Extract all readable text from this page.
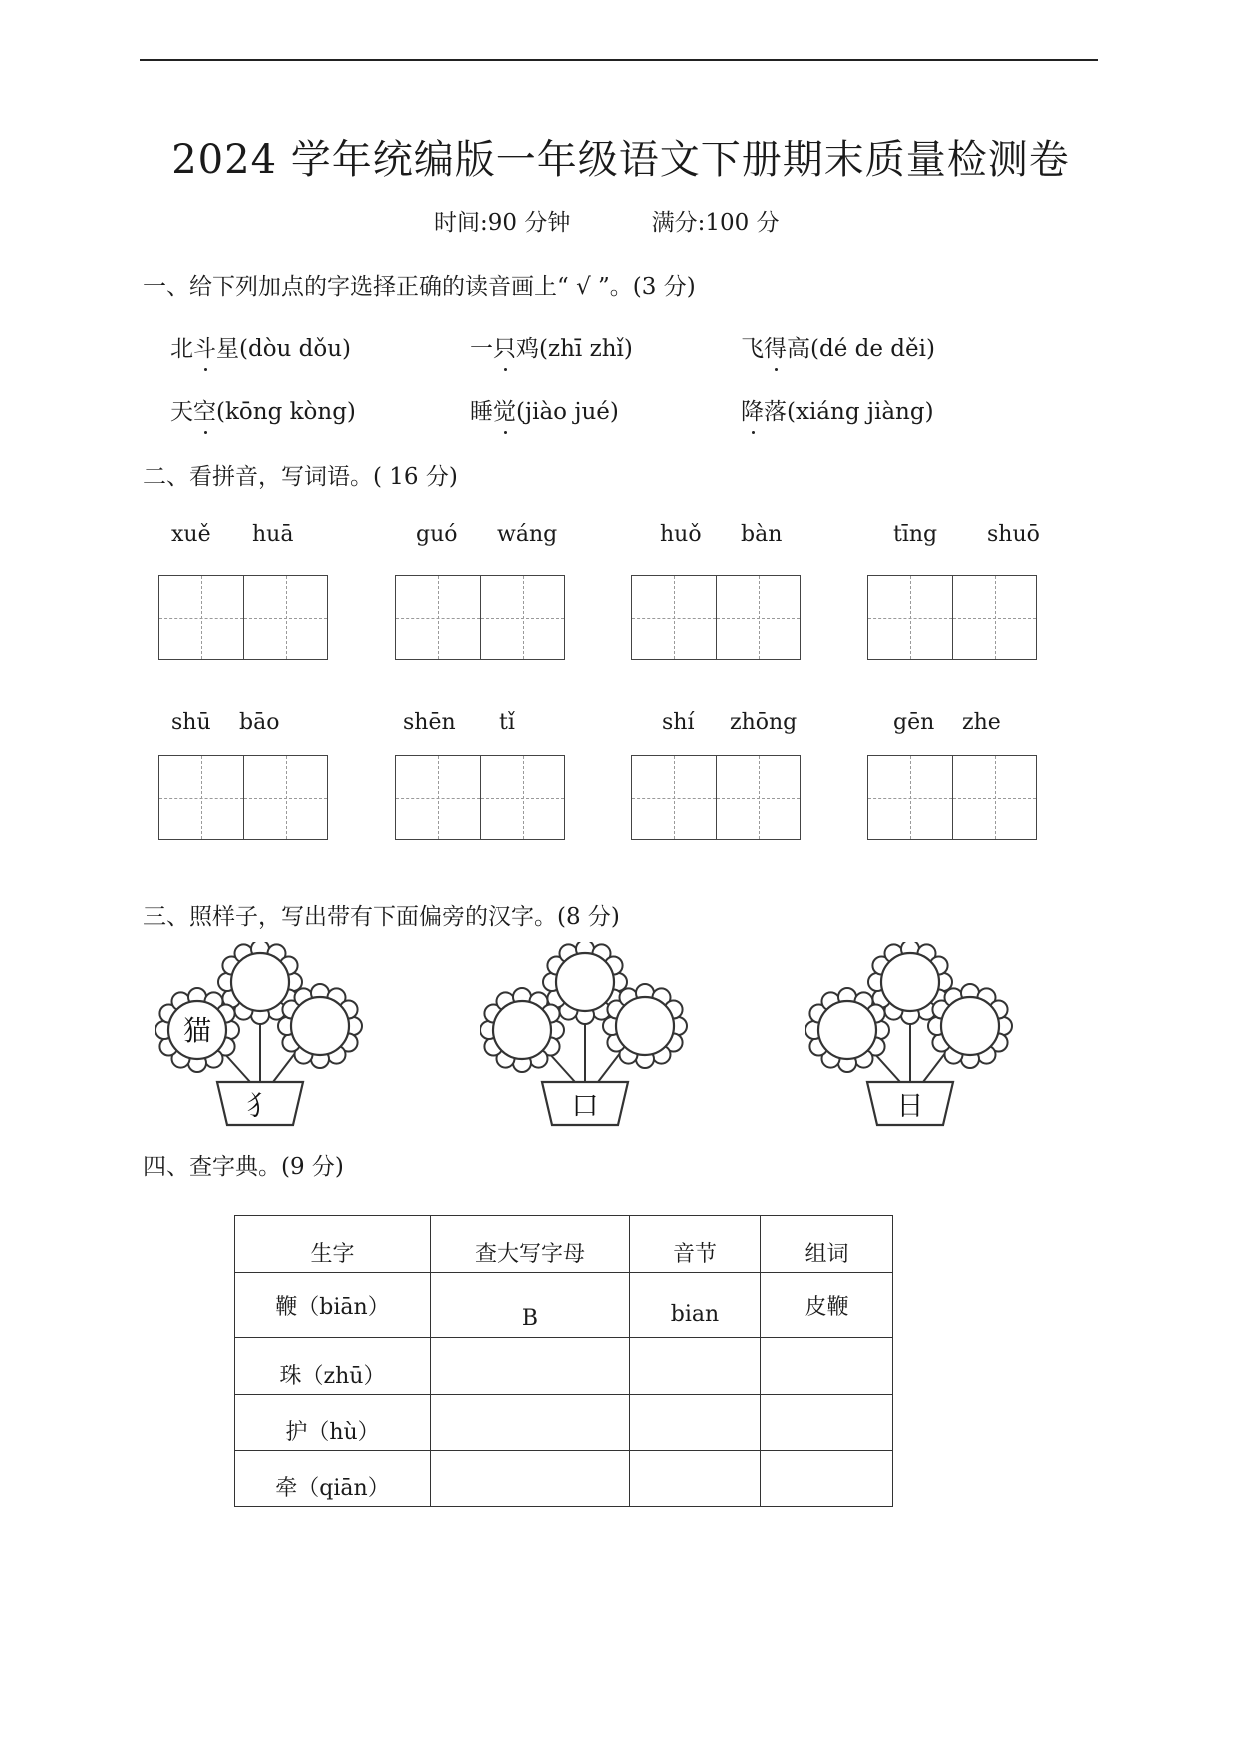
2024 学年统编版一年级语文下册期末质量检测卷
时间:90 分钟	满分:100 分
一、给下列加点的字选择正确的读音画上“ √ ”。(3 分)
北斗星(dòu dǒu)	一只鸡(zhī zhǐ)	飞得高(dé de děi)
天空(kōng kòng)	睡觉(jiào jué)	降落(xiáng jiàng)
二、看拼音，写词语。( 16 分)
xuě huā	guó wáng	huǒ bàn	tīng shuō
shū bāo	shēn tǐ	shí zhōng	gēn zhe
三、照样子，写出带有下面偏旁的汉字。(8 分)
猫
犭	口	日
四、查字典。(9 分)
生字	查大写字母	音节	组词
鞭（biān）	B	bian	皮鞭
珠（zhū）			
护（hù）			
牵（qiān）			
